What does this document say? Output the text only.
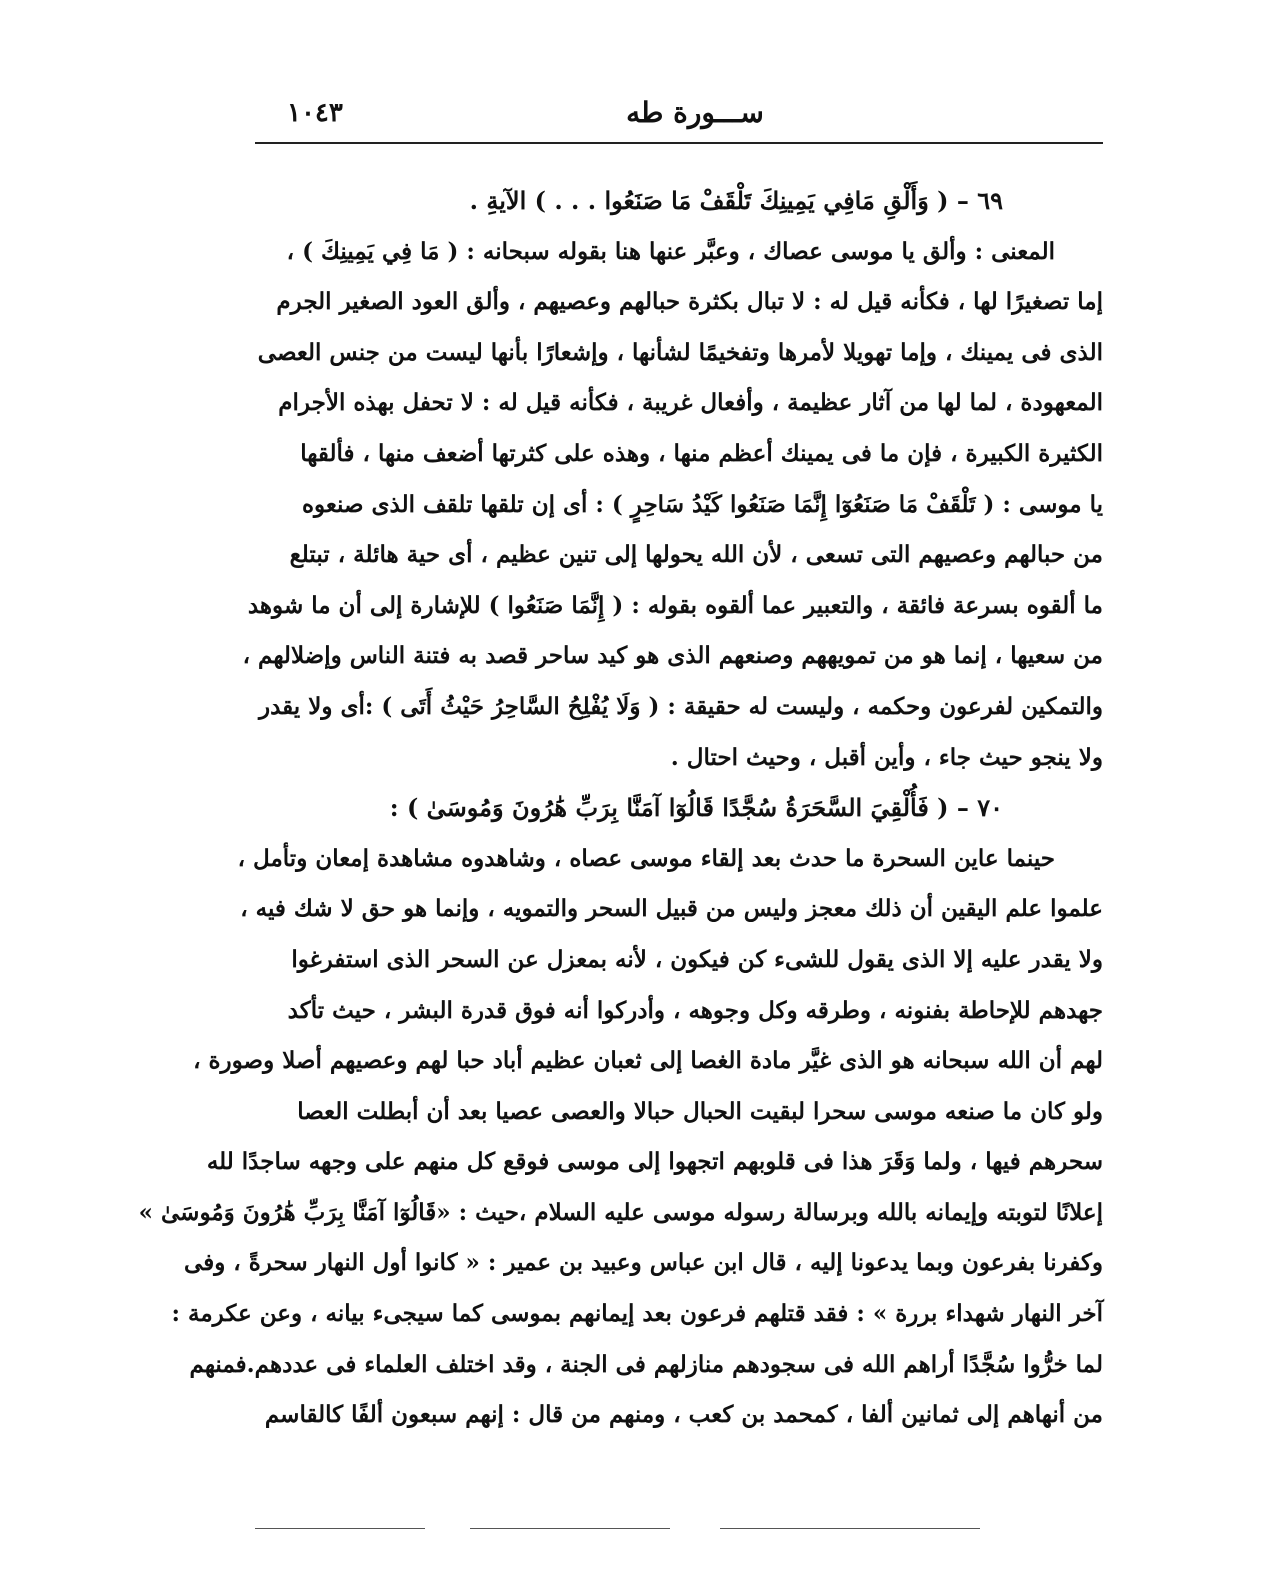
١٠٤٣	ســـورة طه
٦٩ – ( وَأَلْقِ مَافِي يَمِينِكَ تَلْقَفْ مَا صَنَعُوا . . . ) الآيةِ .
المعنى : وألق يا موسى عصاك ، وعبَّر عنها هنا بقوله سبحانه : ( مَا فِي يَمِينِكَ ) ،
إما تصغيرًا لها ، فكأنه قيل له : لا تبال بكثرة حبالهم وعصيهم ، وألق العود الصغير الجرم
الذى فى يمينك ، وإما تهويلا لأمرها وتفخيمًا لشأنها ، وإشعارًا بأنها ليست من جنس العصى
المعهودة ، لما لها من آثار عظيمة ، وأفعال غريبة ، فكأنه قيل له : لا تحفل بهذه الأجرام
الكثيرة الكبيرة ، فإن ما فى يمينك أعظم منها ، وهذه على كثرتها أضعف منها ، فألقها
يا موسى : ( تَلْقَفْ مَا صَنَعُوٓا إِنَّمَا صَنَعُوا كَيْدُ سَاحِرٍ ) : أى إن تلقها تلقف الذى صنعوه
من حبالهم وعصيهم التى تسعى ، لأن الله يحولها إلى تنين عظيم ، أى حية هائلة ، تبتلع
ما ألقوه بسرعة فائقة ، والتعبير عما ألقوه بقوله : ( إِنَّمَا صَنَعُوا ) للإشارة إلى أن ما شوهد
من سعيها ، إنما هو من تمويههم وصنعهم الذى هو كيد ساحر قصد به فتنة الناس وإضلالهم ،
والتمكين لفرعون وحكمه ، وليست له حقيقة : ( وَلَا يُفْلِحُ السَّاحِرُ حَيْثُ أَتَى ) :أى ولا يقدر
ولا ينجو حيث جاء ، وأين أقبل ، وحيث احتال .
٧٠ – ( فَأُلْقِيَ السَّحَرَةُ سُجَّدًا قَالُوٓا آمَنَّا بِرَبِّ هَٰرُونَ وَمُوسَىٰ ) :
حينما عاين السحرة ما حدث بعد إلقاء موسى عصاه ، وشاهدوه مشاهدة إمعان وتأمل ،
علموا علم اليقين أن ذلك معجز وليس من قبيل السحر والتمويه ، وإنما هو حق لا شك فيه ،
ولا يقدر عليه إلا الذى يقول للشىء كن فيكون ، لأنه بمعزل عن السحر الذى استفرغوا
جهدهم للإحاطة بفنونه ، وطرقه وكل وجوهه ، وأدركوا أنه فوق قدرة البشر ، حيث تأكد
لهم أن الله سبحانه هو الذى غيَّر مادة الغصا إلى ثعبان عظيم أباد حبا لهم وعصيهم أصلا وصورة ،
ولو كان ما صنعه موسى سحرا لبقيت الحبال حبالا والعصى عصيا بعد أن أبطلت العصا
سحرهم فيها ، ولما وَقَرَ هذا فى قلوبهم اتجهوا إلى موسى فوقع كل منهم على وجهه ساجدًا لله
إعلانًا لتوبته وإيمانه بالله وبرسالة رسوله موسى عليه السلام ،حيث : «قَالُوٓا آمَنَّا بِرَبِّ هَٰرُونَ وَمُوسَىٰ »
وكفرنا بفرعون وبما يدعونا إليه ، قال ابن عباس وعبيد بن عمير : « كانوا أول النهار سحرةً ، وفى
آخر النهار شهداء بررة » : فقد قتلهم فرعون بعد إيمانهم بموسى كما سيجىء بيانه ، وعن عكرمة :
لما خرُّوا سُجَّدًا أراهم الله فى سجودهم منازلهم فى الجنة ، وقد اختلف العلماء فى عددهم.فمنهم
من أنهاهم إلى ثمانين ألفا ، كمحمد بن كعب ، ومنهم من قال : إنهم سبعون ألفًا كالقاسم
